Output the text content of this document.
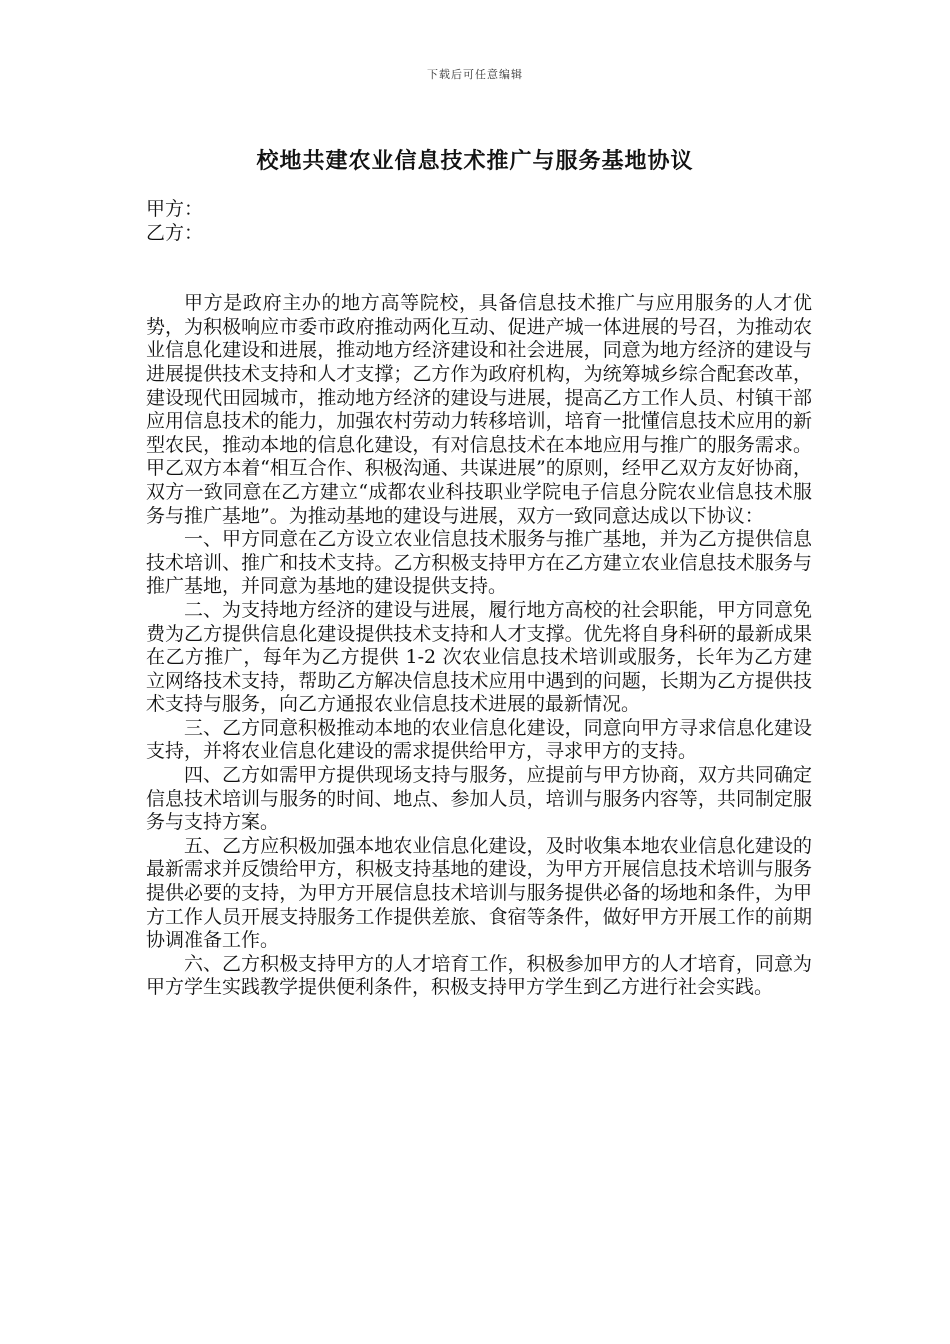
下载后可任意编辑
校地共建农业信息技术推广与服务基地协议

甲方：

乙方：

甲方是政府主办的地方高等院校，具备信息技术推广与应用服务的人才优势，为积极响应市委市政府推动两化互动、促进产城一体进展的号召，为推动农业信息化建设和进展，推动地方经济建设和社会进展，同意为地方经济的建设与进展提供技术支持和人才支撑；乙方作为政府机构，为统筹城乡综合配套改革，建设现代田园城市，推动地方经济的建设与进展，提高乙方工作人员、村镇干部应用信息技术的能力，加强农村劳动力转移培训，培育一批懂信息技术应用的新型农民，推动本地的信息化建设，有对信息技术在本地应用与推广的服务需求。甲乙双方本着“相互合作、积极沟通、共谋进展”的原则，经甲乙双方友好协商，双方一致同意在乙方建立“成都农业科技职业学院电子信息分院农业信息技术服务与推广基地”。为推动基地的建设与进展，双方一致同意达成以下协议：

一、甲方同意在乙方设立农业信息技术服务与推广基地，并为乙方提供信息技术培训、推广和技术支持。乙方积极支持甲方在乙方建立农业信息技术服务与推广基地，并同意为基地的建设提供支持。

二、为支持地方经济的建设与进展，履行地方高校的社会职能，甲方同意免费为乙方提供信息化建设提供技术支持和人才支撑。优先将自身科研的最新成果在乙方推广，每年为乙方提供 1-2 次农业信息技术培训或服务，长年为乙方建立网络技术支持，帮助乙方解决信息技术应用中遇到的问题，长期为乙方提供技术支持与服务，向乙方通报农业信息技术进展的最新情况。

三、乙方同意积极推动本地的农业信息化建设，同意向甲方寻求信息化建设支持，并将农业信息化建设的需求提供给甲方，寻求甲方的支持。

四、乙方如需甲方提供现场支持与服务，应提前与甲方协商，双方共同确定信息技术培训与服务的时间、地点、参加人员，培训与服务内容等，共同制定服务与支持方案。

五、乙方应积极加强本地农业信息化建设，及时收集本地农业信息化建设的最新需求并反馈给甲方，积极支持基地的建设，为甲方开展信息技术培训与服务提供必要的支持，为甲方开展信息技术培训与服务提供必备的场地和条件，为甲方工作人员开展支持服务工作提供差旅、食宿等条件，做好甲方开展工作的前期协调准备工作。

六、乙方积极支持甲方的人才培育工作，积极参加甲方的人才培育，同意为甲方学生实践教学提供便利条件，积极支持甲方学生到乙方进行社会实践。
